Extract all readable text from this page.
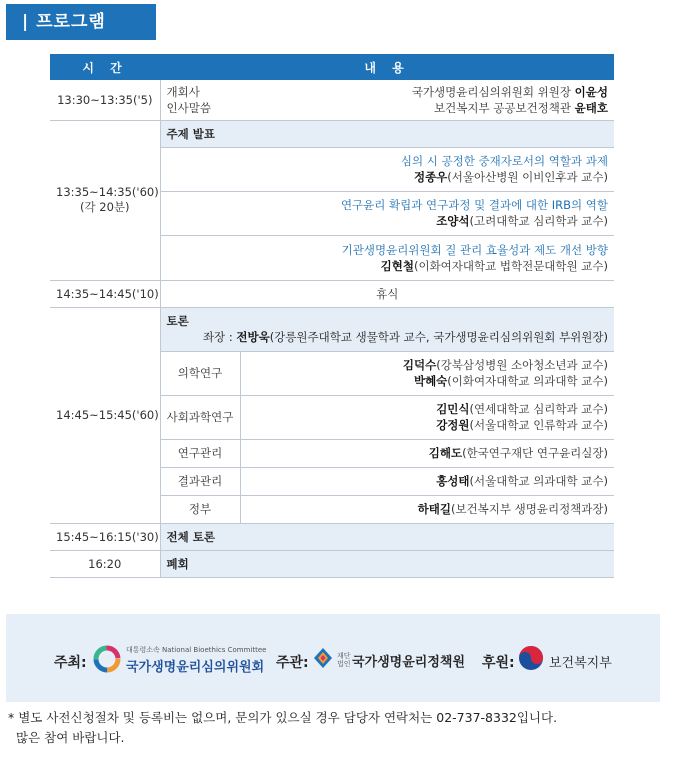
| 프로그램
시 간	내 용	
13:30~13:35('5)	개회사 국가생명윤리심의위원회 위원장 이윤성
인사말씀 보건복지부 공공보건정책관 윤태호	

13:35~14:35('60)
(각 20분)	주제 발표	

	심의 시 공정한 중재자로서의 역할과 과제
정종우(서울아산병원 이비인후과 교수)	

	연구윤리 확립과 연구과정 및 결과에 대한 IRB의 역할
조양석(고려대학교 심리학과 교수)	

	기관생명윤리위원회 질 관리 효율성과 제도 개선 방향
김현철(이화여자대학교 법학전문대학원 교수)	

14:35~14:45('10)	휴식	
14:45~15:45('60)	토론
좌장 : 전방욱(강릉원주대학교 생물학과 교수, 국가생명윤리심의위원회 부위원장)	

	의학연구	김덕수(강북삼성병원 소아청소년과 교수)
박혜숙(이화여자대학교 의과대학 교수)

	사회과학연구	김민식(연세대학교 심리학과 교수)
강정원(서울대학교 인류학과 교수)

	연구관리	김해도(한국연구재단 연구윤리실장)
	결과관리	홍성태(서울대학교 의과대학 교수)
	정부	하태길(보건복지부 생명윤리정책과장)
15:45~16:15('30)	전체 토론	
16:20	폐회	
주최:
대통령소속 National Bioethics Committee
국가생명윤리심의위원회 주관:	재단법인 국가생명윤리정책원 후원:	보건복지부
* 별도 사전신청절차 및 등록비는 없으며, 문의가 있으실 경우 담당자 연락처는 02-737-8332입니다.
많은 참여 바랍니다.
